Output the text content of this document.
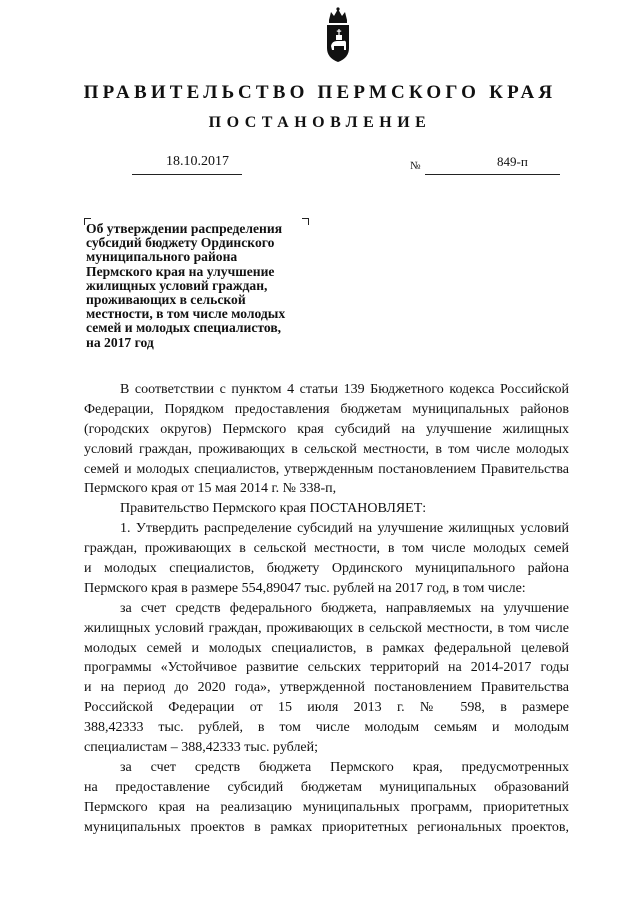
ПРАВИТЕЛЬСТВО ПЕРМСКОГО КРАЯ
ПОСТАНОВЛЕНИЕ
18.10.2017	№	849-п
Об утверждении распределения
субсидий бюджету Ординского
муниципального района
Пермского края на улучшение
жилищных условий граждан,
проживающих в сельской
местности, в том числе молодых
семей и молодых специалистов,
на 2017 год
В соответствии с пунктом 4 статьи 139 Бюджетного кодекса Российской
Федерации, Порядком предоставления бюджетам муниципальных районов
(городских округов) Пермского края субсидий на улучшение жилищных
условий граждан, проживающих в сельской местности, в том числе молодых
семей и молодых специалистов, утвержденным постановлением Правительства
Пермского края от 15 мая 2014 г. № 338-п,
Правительство Пермского края ПОСТАНОВЛЯЕТ:
1. Утвердить распределение субсидий на улучшение жилищных условий
граждан, проживающих в сельской местности, в том числе молодых семей
и молодых специалистов, бюджету Ординского муниципального района
Пермского края в размере 554,89047 тыс. рублей на 2017 год, в том числе:
за счет средств федерального бюджета, направляемых на улучшение
жилищных условий граждан, проживающих в сельской местности, в том числе
молодых семей и молодых специалистов, в рамках федеральной целевой
программы «Устойчивое развитие сельских территорий на 2014-2017 годы
и на период до 2020 года», утвержденной постановлением Правительства
Российской Федерации от 15 июля 2013 г. № 598, в размере
388,42333 тыс. рублей, в том числе молодым семьям и молодым
специалистам – 388,42333 тыс. рублей;
за счет средств бюджета Пермского края, предусмотренных
на предоставление субсидий бюджетам муниципальных образований
Пермского края на реализацию муниципальных программ, приоритетных
муниципальных проектов в рамках приоритетных региональных проектов,
